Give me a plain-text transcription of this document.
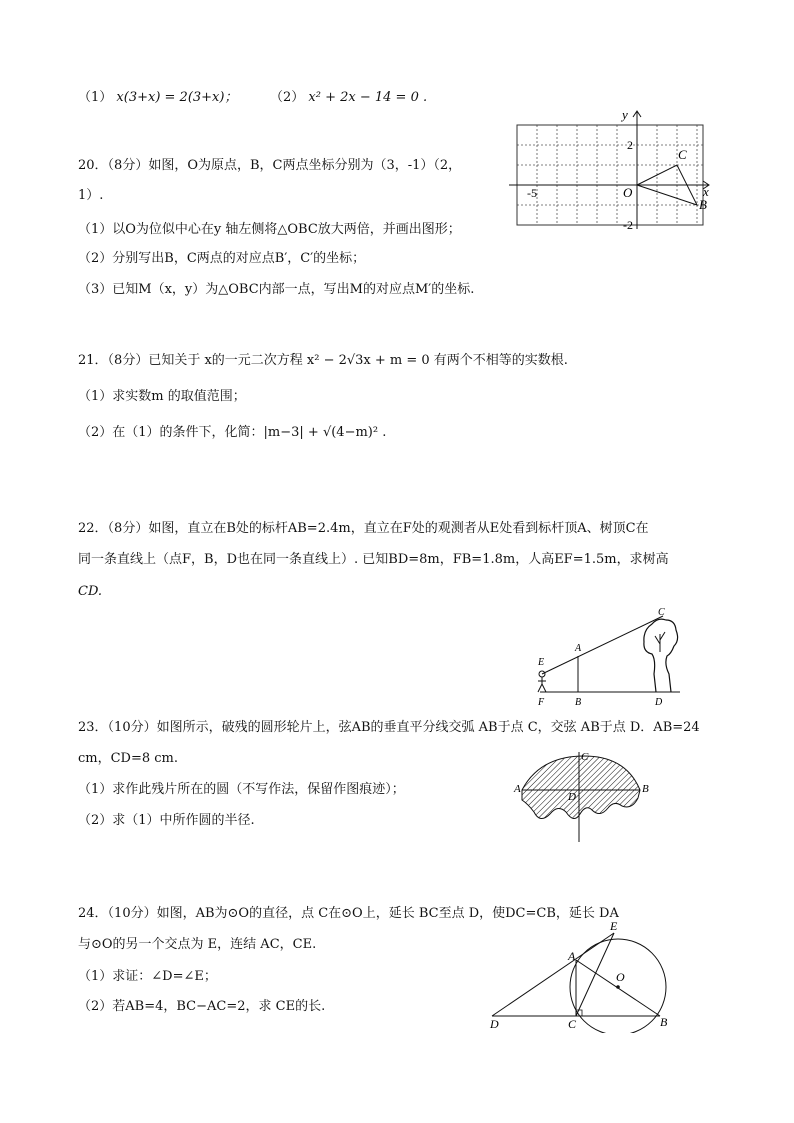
（1） x(3+x) = 2(3+x)；	（2） x² + 2x − 14 = 0 .
20．（8分）如图，O为原点，B，C两点坐标分别为（3，-1）（2，
1）.
（1）以O为位似中心在y 轴左侧将△OBC放大两倍，并画出图形；
（2）分别写出B，C两点的对应点B′，C′的坐标；
（3）已知M（x，y）为△OBC内部一点，写出M的对应点M′的坐标.
y
x
2
-2
-5	O
C
B
21．（8分）已知关于 x的一元二次方程 x² − 2√3x + m = 0 有两个不相等的实数根.
（1）求实数m 的取值范围；
（2）在（1）的条件下，化简：|m−3| + √(4−m)² .
22．（8分）如图，直立在B处的标杆AB=2.4m，直立在F处的观测者从E处看到标杆顶A、树顶C在
同一条直线上（点F，B，D也在同一条直线上）. 已知BD=8m，FB=1.8m，人高EF=1.5m，求树高
CD.
C
A
E
F	B	D
23．（10分）如图所示，破残的圆形轮片上，弦AB的垂直平分线交弧 AB于点 C，交弦 AB于点 D．AB=24
cm，CD=8 cm.
（1）求作此残片所在的圆（不写作法，保留作图痕迹）；
（2）求（1）中所作圆的半径.
A	B
C
D
24．（10分）如图，AB为⊙O的直径，点 C在⊙O上，延长 BC至点 D，使DC=CB，延长 DA
与⊙O的另一个交点为 E，连结 AC，CE.
（1）求证：∠D=∠E；
（2）若AB=4，BC−AC=2，求 CE的长.
E
A
O
D	C	B
